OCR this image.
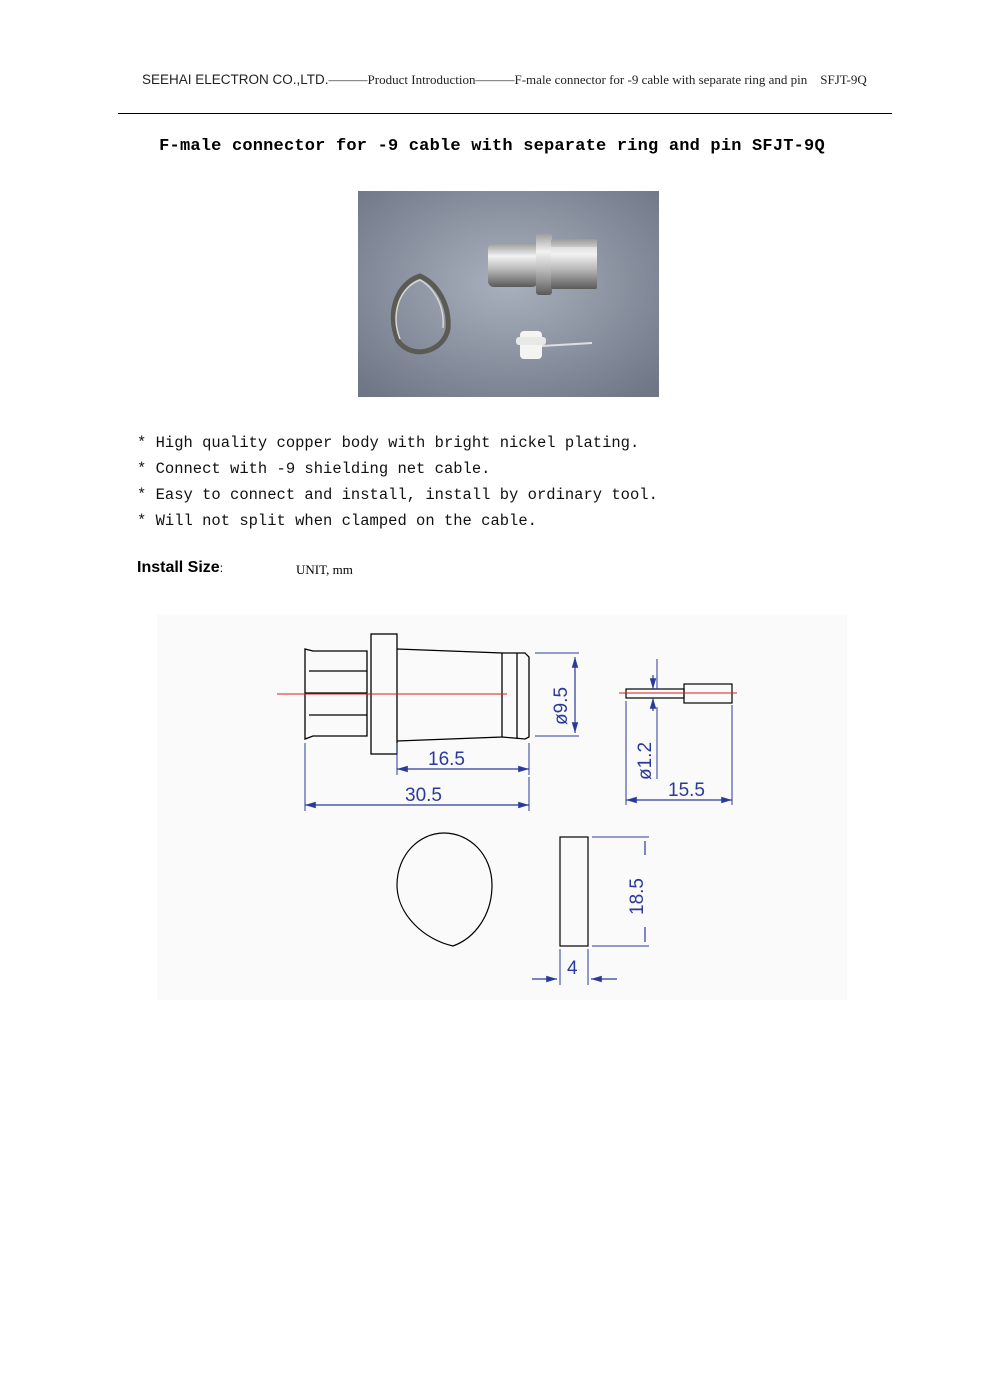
SEEHAI ELECTRON CO.,LTD.———Product Introduction———F-male connector for -9 cable with separate ring and pin　SFJT-9Q
F-male connector for -9 cable with separate ring and pin SFJT-9Q
* High quality copper body with bright nickel plating.
* Connect with -9 shielding net cable.
* Easy to connect and install, install by ordinary tool.
* Will not split when clamped on the cable.
Install Size:	UNIT, mm
ø9.5
16.5
30.5
ø1.2
15.5
18.5
4
